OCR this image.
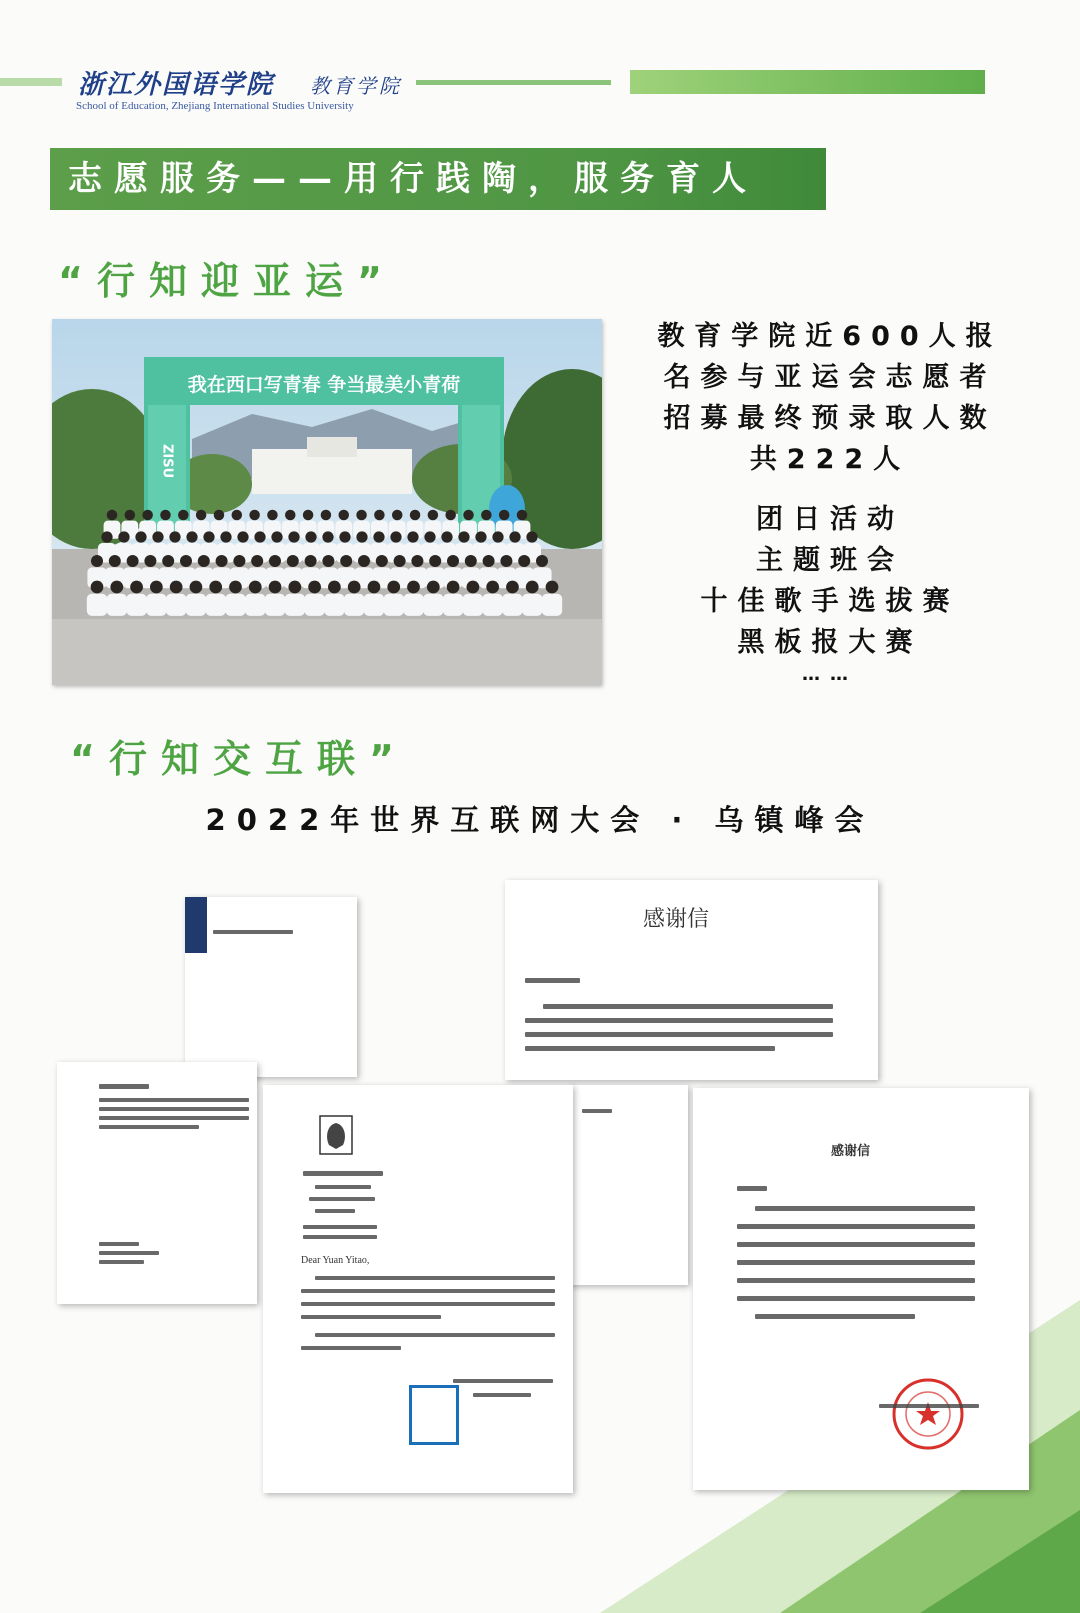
浙江外国语学院 教育学院
School of Education, Zhejiang International Studies University
志愿服务——用行践陶，服务育人
“行知迎亚运”
我在西口写青春 争当最美小青荷
ZISU
教育学院近600人报
名参与亚运会志愿者
招募最终预录取人数
共222人
团日活动
主题班会
十佳歌手选拔赛
黑板报大赛
……
“行知交互联”
2022年世界互联网大会 · 乌镇峰会
感谢信
Dear Yuan Yitao,
感谢信
